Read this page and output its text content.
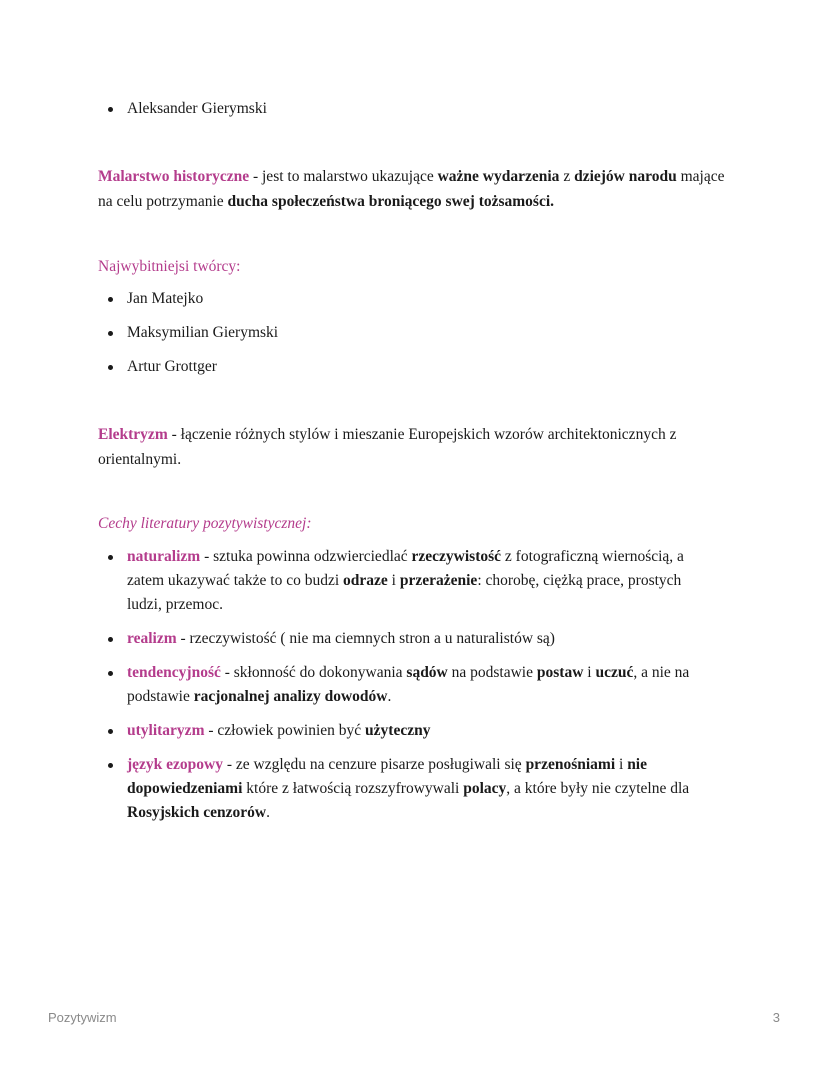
Aleksander Gierymski

Malarstwo historyczne - jest to malarstwo ukazujące ważne wydarzenia z dziejów narodu mające na celu potrzymanie ducha społeczeństwa broniącego swej tożsamości.

Najwybitniejsi twórcy:

Jan Matejko
Maksymilian Gierymski
Artur Grottger

Elektryzm - łączenie różnych stylów i mieszanie Europejskich wzorów architektonicznych z orientalnymi.

Cechy literatury pozytywistycznej:

naturalizm - sztuka powinna odzwierciedlać rzeczywistość z fotograficzną wiernością, a zatem ukazywać także to co budzi odraze i przerażenie: chorobę, ciężką prace, prostych ludzi, przemoc.
realizm - rzeczywistość ( nie ma ciemnych stron a u naturalistów są)
tendencyjność - skłonność do dokonywania sądów na podstawie postaw i uczuć, a nie na podstawie racjonalnej analizy dowodów.
utylitaryzm - człowiek powinien być użyteczny
język ezopowy - ze względu na cenzure pisarze posługiwali się przenośniami i nie dopowiedzeniami które z łatwością rozszyfrowywali polacy, a które były nie czytelne dla Rosyjskich cenzorów.
Pozytywizm	3
